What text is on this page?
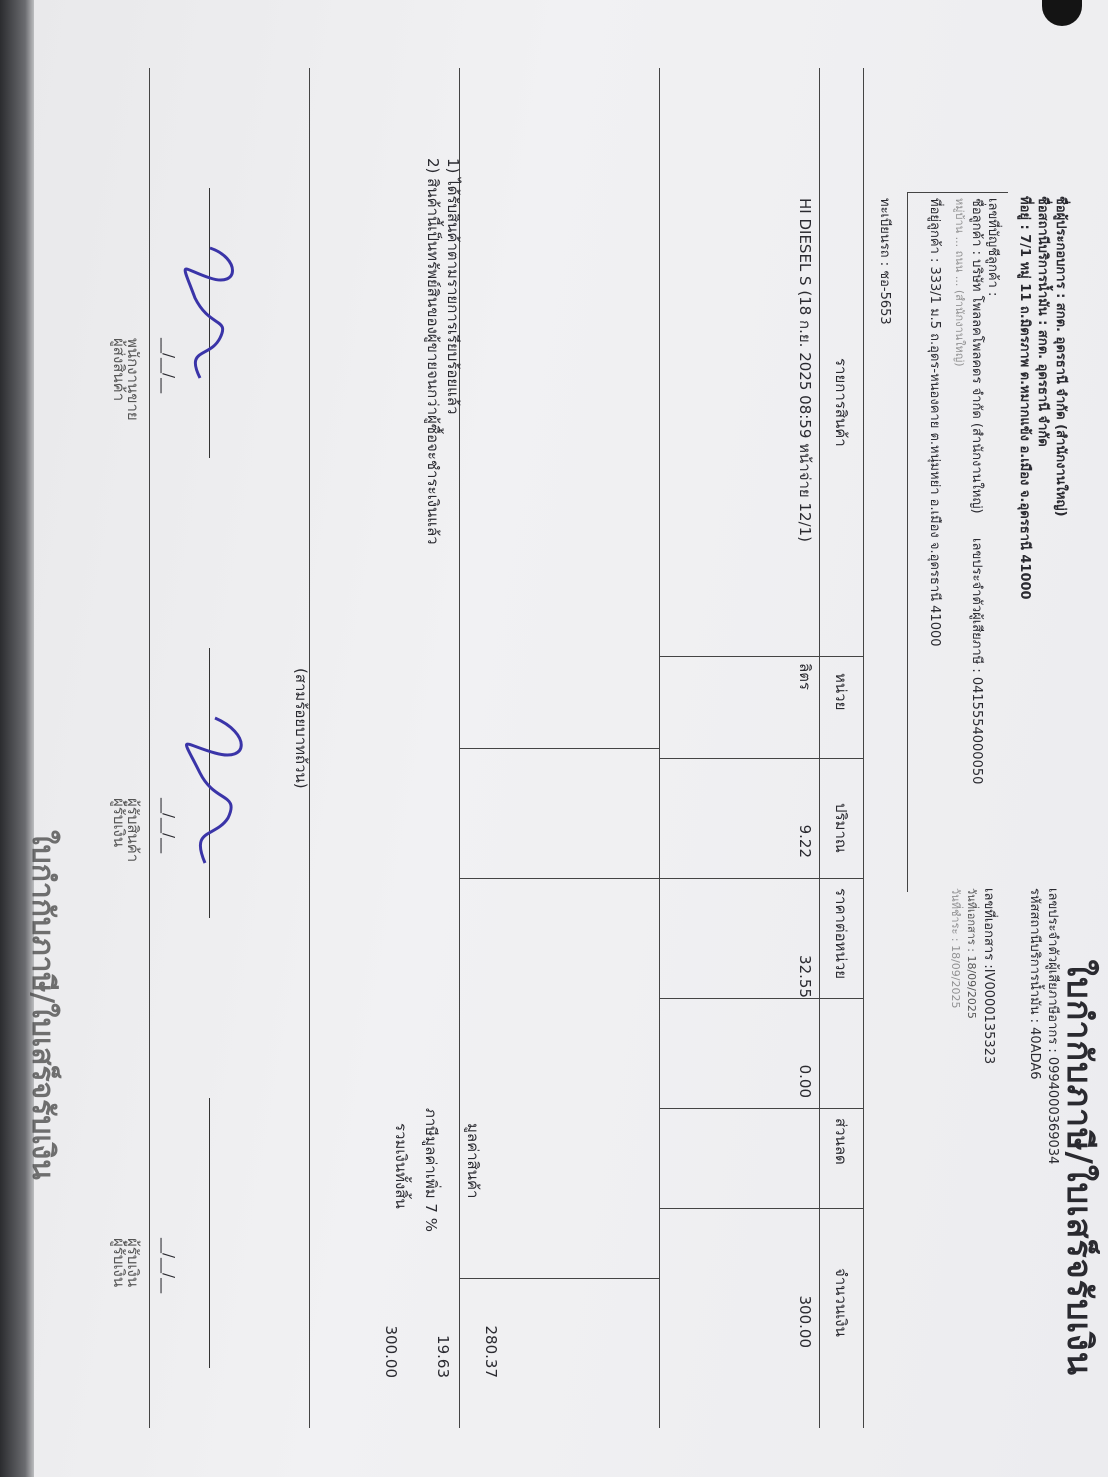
ใบกำกับภาษี/ใบเสร็จรับเงิน	ใบกำกับภาษี/ใบเสร็จรับเงิน
ชื่อผู้ประกอบการ : สกต. อุดรธานี จำกัด (สำนักงานใหญ่)
ชื่อสถานีบริการน้ำมัน : สกต. อุดรธานี จำกัด
ที่อยู่ : 7/1 หมู่ 11 ถ.มิตรภาพ ต.หมากแข้ง อ.เมือง จ.อุดรธานี 41000
เลขประจำตัวผู้เสียภาษีอากร : 0994000369034
รหัสสถานีบริการน้ำมัน : 40ADA6
เลขที่บัญชีลูกค้า :
ชื่อลูกค้า : บริษัท โพลลคโพลคดร จำกัด (สำนักงานใหญ่)
หมู่บ้าน ... ถนน ... (สำนักงานใหญ่)
เลขประจำตัวผู้เสียภาษี : 0415554000050
ที่อยู่ลูกค้า : 333/1 ม.5 ถ.อุดร-หนองคาย ต.หนุ่มหย่า อ.เมือง จ.อุดรธานี 41000
เลขที่เอกสาร :IV0000135323
วันที่เอกสาร : 18/09/2025
วันที่ชำระ : 18/09/2025
ทะเบียนรถ : ชอ-5653
รายการสินค้า
หน่วย
ปริมาณ
ราคาต่อหน่วย
ส่วนลด
จำนวนเงิน
HI DIESEL S (18 ก.ย. 2025 08:59 หน้าจ่าย 12/1)
ลิตร
9.22
32.55
0.00
300.00
1) ได้รับสินค้าตามรายการเรียบร้อยแล้ว
2) สินค้านี้เป็นทรัพย์สินของผู้ขายจนกว่าผู้ซื้อจะชำระเงินแล้ว
(สามร้อยบาทถ้วน)
มูลค่าสินค้า
ภาษีมูลค่าเพิ่ม 7 %
รวมเงินทั้งสิ้น
280.37
19.63
300.00
__/__/__
__/__/__
__/__/__
พนักงานขาย
ผู้ส่งสินค้า
ผู้รับสินค้า
ผู้รับเงิน
ผู้รับเงิน
ผู้รับเงิน
